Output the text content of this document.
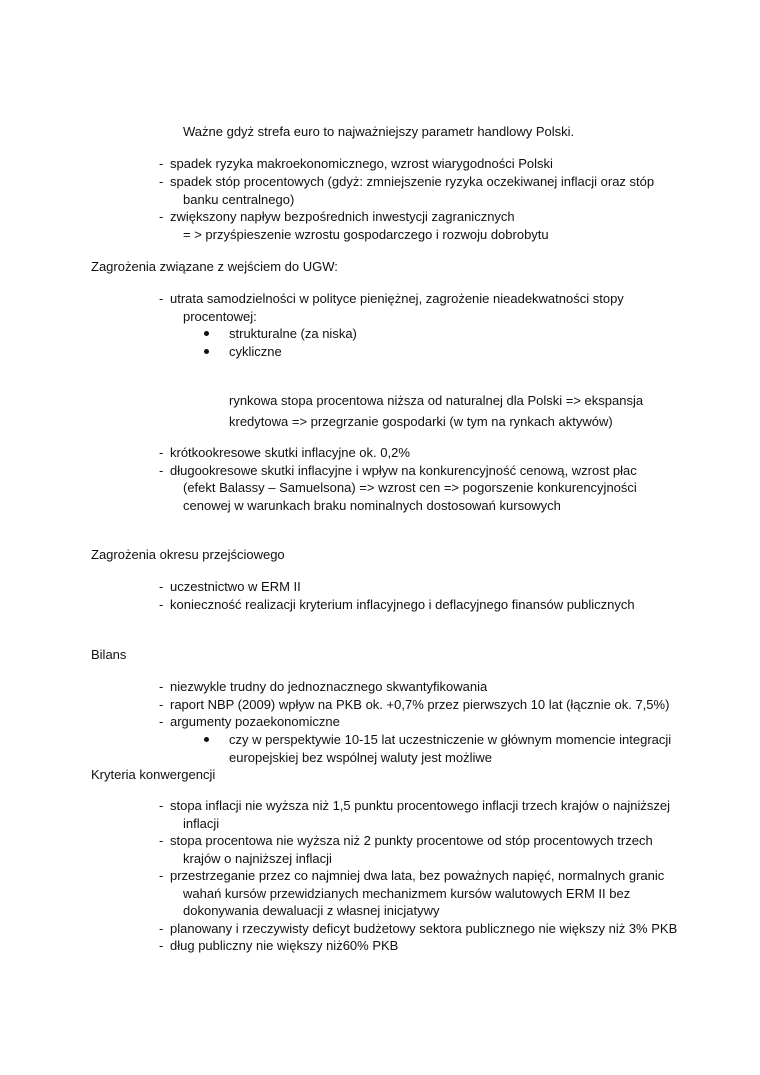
Ważne gdyż strefa euro to najważniejszy parametr handlowy Polski.
- spadek ryzyka makroekonomicznego, wzrost wiarygodności Polski
- spadek stóp procentowych (gdyż: zmniejszenie ryzyka oczekiwanej inflacji oraz stóp
banku centralnego)
- zwiększony napływ bezpośrednich inwestycji zagranicznych
= > przyśpieszenie wzrostu gospodarczego i rozwoju dobrobytu
Zagrożenia związane z wejściem do UGW:
- utrata samodzielności w polityce pieniężnej, zagrożenie nieadekwatności stopy
procentowej:
strukturalne (za niska)
cykliczne
rynkowa stopa procentowa niższa od naturalnej dla Polski => ekspansja
kredytowa => przegrzanie gospodarki (w tym na rynkach aktywów)
- krótkookresowe skutki inflacyjne ok. 0,2%
- długookresowe skutki inflacyjne i wpływ na konkurencyjność cenową, wzrost płac
(efekt Balassy – Samuelsona) => wzrost cen => pogorszenie konkurencyjności
cenowej w warunkach braku nominalnych dostosowań kursowych
Zagrożenia okresu przejściowego
- uczestnictwo w ERM II
- konieczność realizacji kryterium inflacyjnego i deflacyjnego finansów publicznych
Bilans
- niezwykle trudny do jednoznacznego skwantyfikowania
- raport NBP (2009) wpływ na PKB ok. +0,7% przez pierwszych 10 lat (łącznie ok. 7,5%)
- argumenty pozaekonomiczne
czy w perspektywie 10-15 lat uczestniczenie w głównym momencie integracji
europejskiej bez wspólnej waluty jest możliwe
Kryteria konwergencji
- stopa inflacji nie wyższa niż 1,5 punktu procentowego inflacji trzech krajów o najniższej
inflacji
- stopa procentowa nie wyższa niż 2 punkty procentowe od stóp procentowych trzech
krajów o najniższej inflacji
- przestrzeganie przez co najmniej dwa lata, bez poważnych napięć, normalnych granic
wahań kursów przewidzianych mechanizmem kursów walutowych ERM II bez
dokonywania dewaluacji z własnej inicjatywy
- planowany i rzeczywisty deficyt budżetowy sektora publicznego nie większy niż 3% PKB
- dług publiczny nie większy niż60% PKB
